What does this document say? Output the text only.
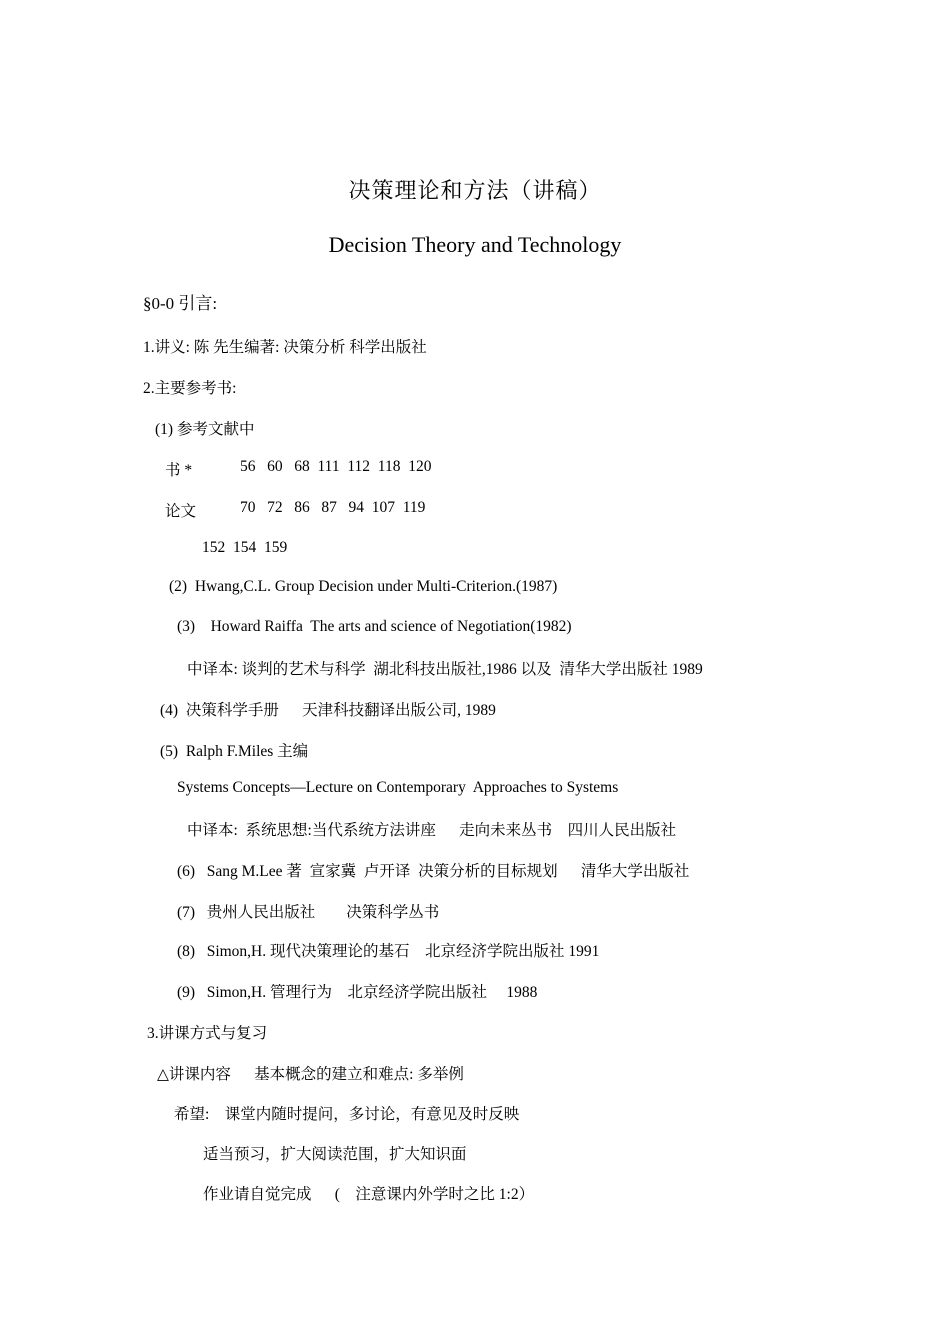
决策理论和方法（讲稿）
Decision Theory and Technology
§0-0 引言:
1.讲义: 陈 先生编著: 决策分析 科学出版社
2.主要参考书:
(1) 参考文献中
书 *	56   60   68  111  112  118  120
论文	70   72   86   87   94  107  119
152  154  159
(2)  Hwang,C.L. Group Decision under Multi-Criterion.(1987)
(3)    Howard Raiffa  The arts and science of Negotiation(1982)
中译本: 谈判的艺术与科学  湖北科技出版社,1986 以及  清华大学出版社 1989
(4)  决策科学手册      天津科技翻译出版公司, 1989
(5)  Ralph F.Miles 主编
Systems Concepts—Lecture on Contemporary  Approaches to Systems
中译本:  系统思想:当代系统方法讲座      走向未来丛书    四川人民出版社
(6)   Sang M.Lee 著  宣家冀  卢开译  决策分析的目标规划      清华大学出版社
(7)   贵州人民出版社        决策科学丛书
(8)   Simon,H. 现代决策理论的基石    北京经济学院出版社 1991
(9)   Simon,H. 管理行为    北京经济学院出版社     1988
3.讲课方式与复习
△讲课内容      基本概念的建立和难点: 多举例
希望:    课堂内随时提问，多讨论，有意见及时反映
适当预习，扩大阅读范围，扩大知识面
作业请自觉完成      (    注意课内外学时之比 1:2）
